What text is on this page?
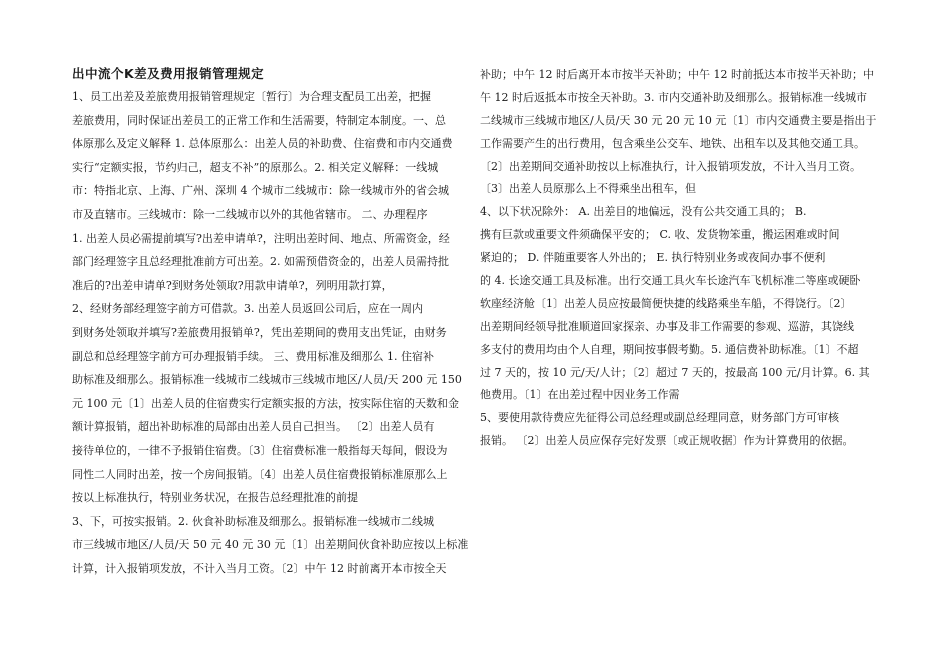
出中流个K差及费用报销管理规定
1、员工出差及差旅费用报销管理规定〔暂行〕为合理支配员工出差，把握
差旅费用，同时保证出差员工的正常工作和生活需要，特制定本制度。一、总
体原那么及定义解释 1. 总体原那么：出差人员的补助费、住宿费和市内交通费
实行“定额实报，节约归己，超支不补”的原那么。2. 相关定义解释：一线城
市：特指北京、上海、广州、深圳 4 个城市二线城市：除一线城市外的省会城
市及直辖市。三线城市：除一二线城市以外的其他省辖市。 二、办理程序
1. 出差人员必需提前填写?出差申请单?，注明出差时间、地点、所需资金，经
部门经理签字且总经理批准前方可出差。2. 如需预借资金的，出差人员需持批
准后的?出差申请单?到财务处领取?用款申请单?，列明用款打算，
2、经财务部经理签字前方可借款。3. 出差人员返回公司后，应在一周内
到财务处领取并填写?差旅费用报销单?，凭出差期间的费用支出凭证，由财务
副总和总经理签字前方可办理报销手续。 三、费用标准及细那么 1. 住宿补
助标准及细那么。报销标准一线城市二线城市三线城市地区/人员/天 200 元 150
元 100 元〔1〕出差人员的住宿费实行定额实报的方法，按实际住宿的天数和金
额计算报销，超出补助标准的局部由出差人员自己担当。 〔2〕出差人员有
接待单位的，一律不予报销住宿费。〔3〕住宿费标准一般指每天每间，假设为
同性二人同时出差，按一个房间报销。〔4〕出差人员住宿费报销标准原那么上
按以上标准执行，特别业务状况，在报告总经理批准的前提
3、下，可按实报销。2. 伙食补助标准及细那么。报销标准一线城市二线城
市三线城市地区/人员/天 50 元 40 元 30 元〔1〕出差期间伙食补助应按以上标准
计算，计入报销项发放，不计入当月工资。〔2〕中午 12 时前离开本市按全天
补助；中午 12 时后离开本市按半天补助；中午 12 时前抵达本市按半天补助；中
午 12 时后返抵本市按全天补助。3. 市内交通补助及细那么。报销标准一线城市
二线城市三线城市地区/人员/天 30 元 20 元 10 元〔1〕市内交通费主要是指出于
工作需要产生的出行费用，包含乘坐公交车、地铁、出租车以及其他交通工具。
〔2〕出差期间交通补助按以上标准执行，计入报销项发放，不计入当月工资。
〔3〕出差人员原那么上不得乘坐出租车，但
4、以下状况除外： A. 出差目的地偏远，没有公共交通工具的； B.
携有巨款或重要文件须确保平安的； C. 收、发货物笨重，搬运困难或时间
紧迫的； D. 伴随重要客人外出的； E. 执行特别业务或夜间办事不便利
的 4. 长途交通工具及标准。出行交通工具火车长途汽车飞机标准二等座或硬卧
软座经济舱〔1〕出差人员应按最简便快捷的线路乘坐车船，不得饶行。〔2〕
出差期间经领导批准顺道回家探亲、办事及非工作需要的参观、巡游，其饶线
多支付的费用均由个人自理，期间按事假考勤。5. 通信费补助标准。〔1〕不超
过 7 天的，按 10 元/天/人计；〔2〕超过 7 天的，按最高 100 元/月计算。6. 其
他费用。〔1〕在出差过程中因业务工作需
5、要使用款待费应先征得公司总经理或副总经理同意，财务部门方可审核
报销。 〔2〕出差人员应保存完好发票〔或正规收据〕作为计算费用的依据。
